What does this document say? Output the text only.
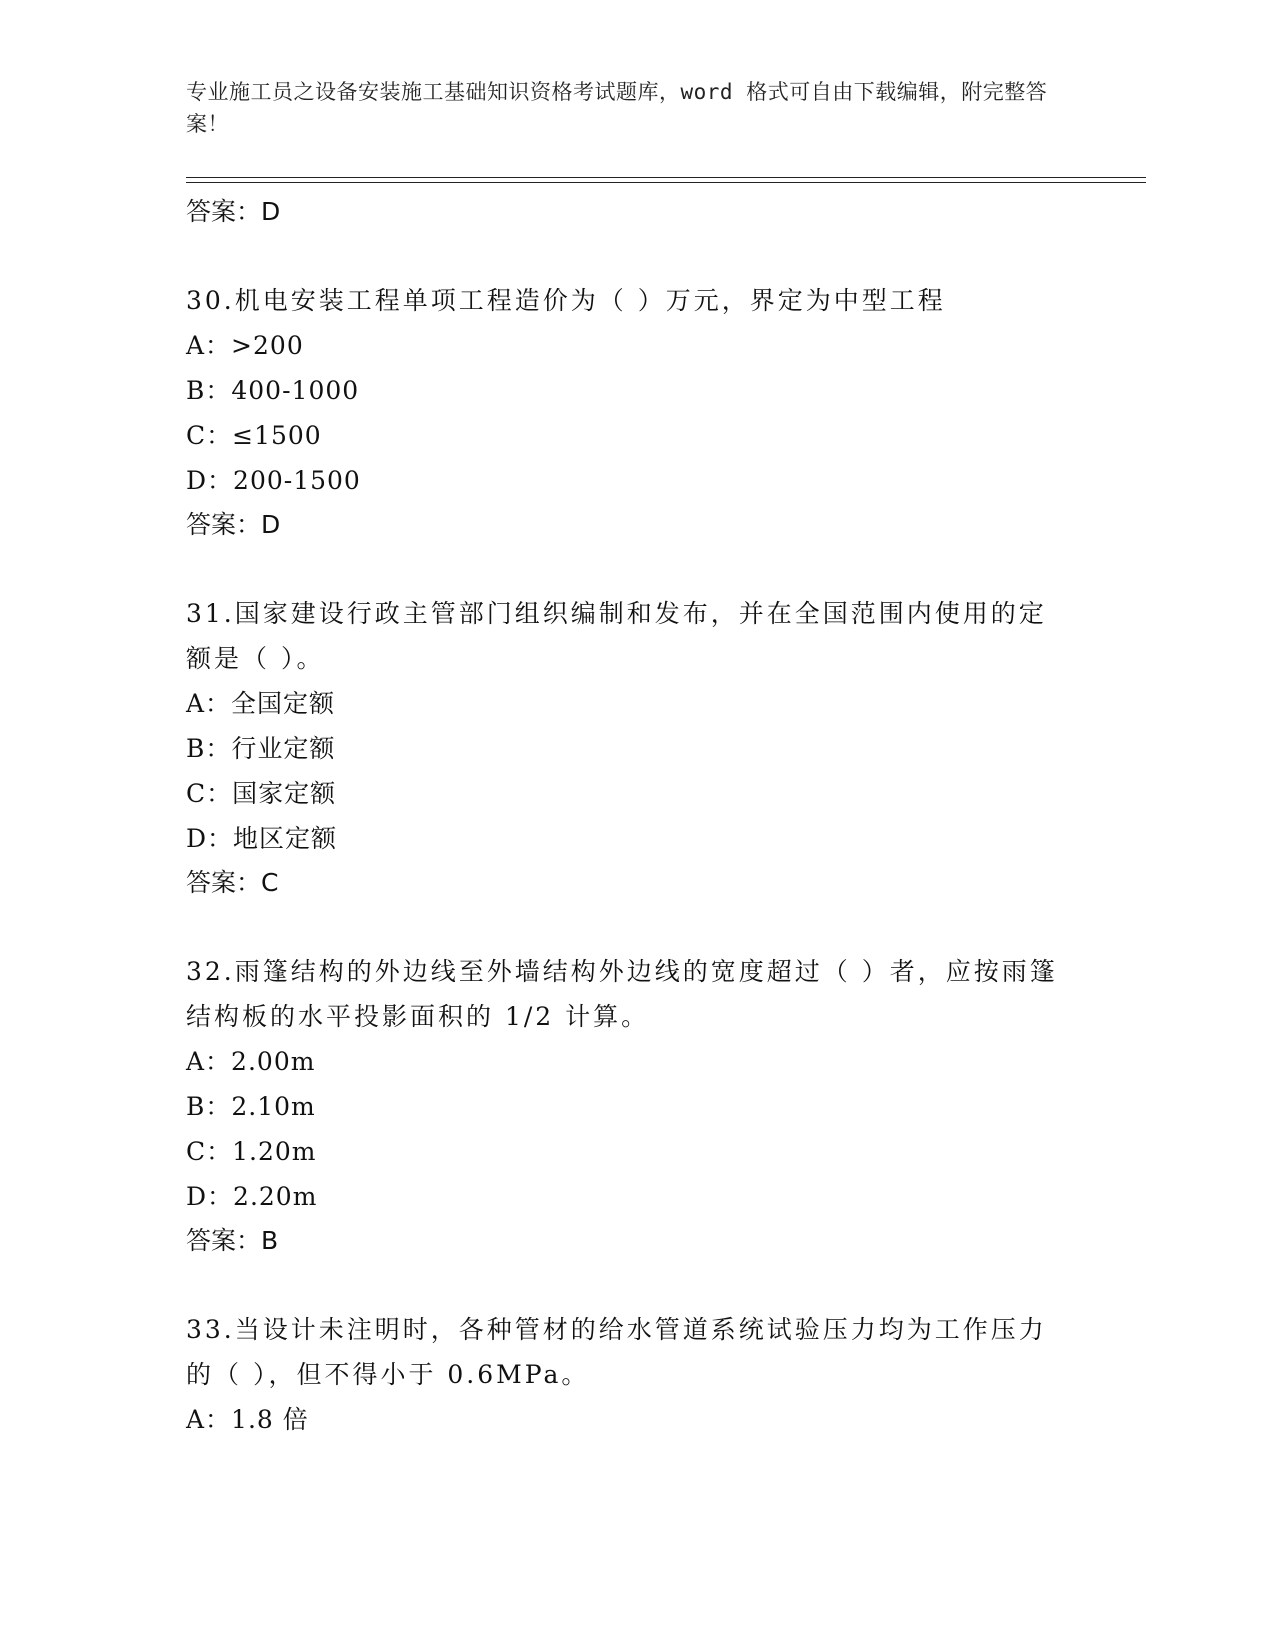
专业施工员之设备安装施工基础知识资格考试题库，word 格式可自由下载编辑，附完整答案！
答案：D
30.机电安装工程单项工程造价为（ ）万元，界定为中型工程
A：>200
B：400-1000
C：≤1500
D：200-1500
答案：D
31.国家建设行政主管部门组织编制和发布，并在全国范围内使用的定额是（ ）。
A：全国定额
B：行业定额
C：国家定额
D：地区定额
答案：C
32.雨篷结构的外边线至外墙结构外边线的宽度超过（ ）者，应按雨篷结构板的水平投影面积的 1/2 计算。
A：2.00m
B：2.10m
C：1.20m
D：2.20m
答案：B
33.当设计未注明时，各种管材的给水管道系统试验压力均为工作压力的（ ），但不得小于 0.6MPa。
A：1.8 倍
